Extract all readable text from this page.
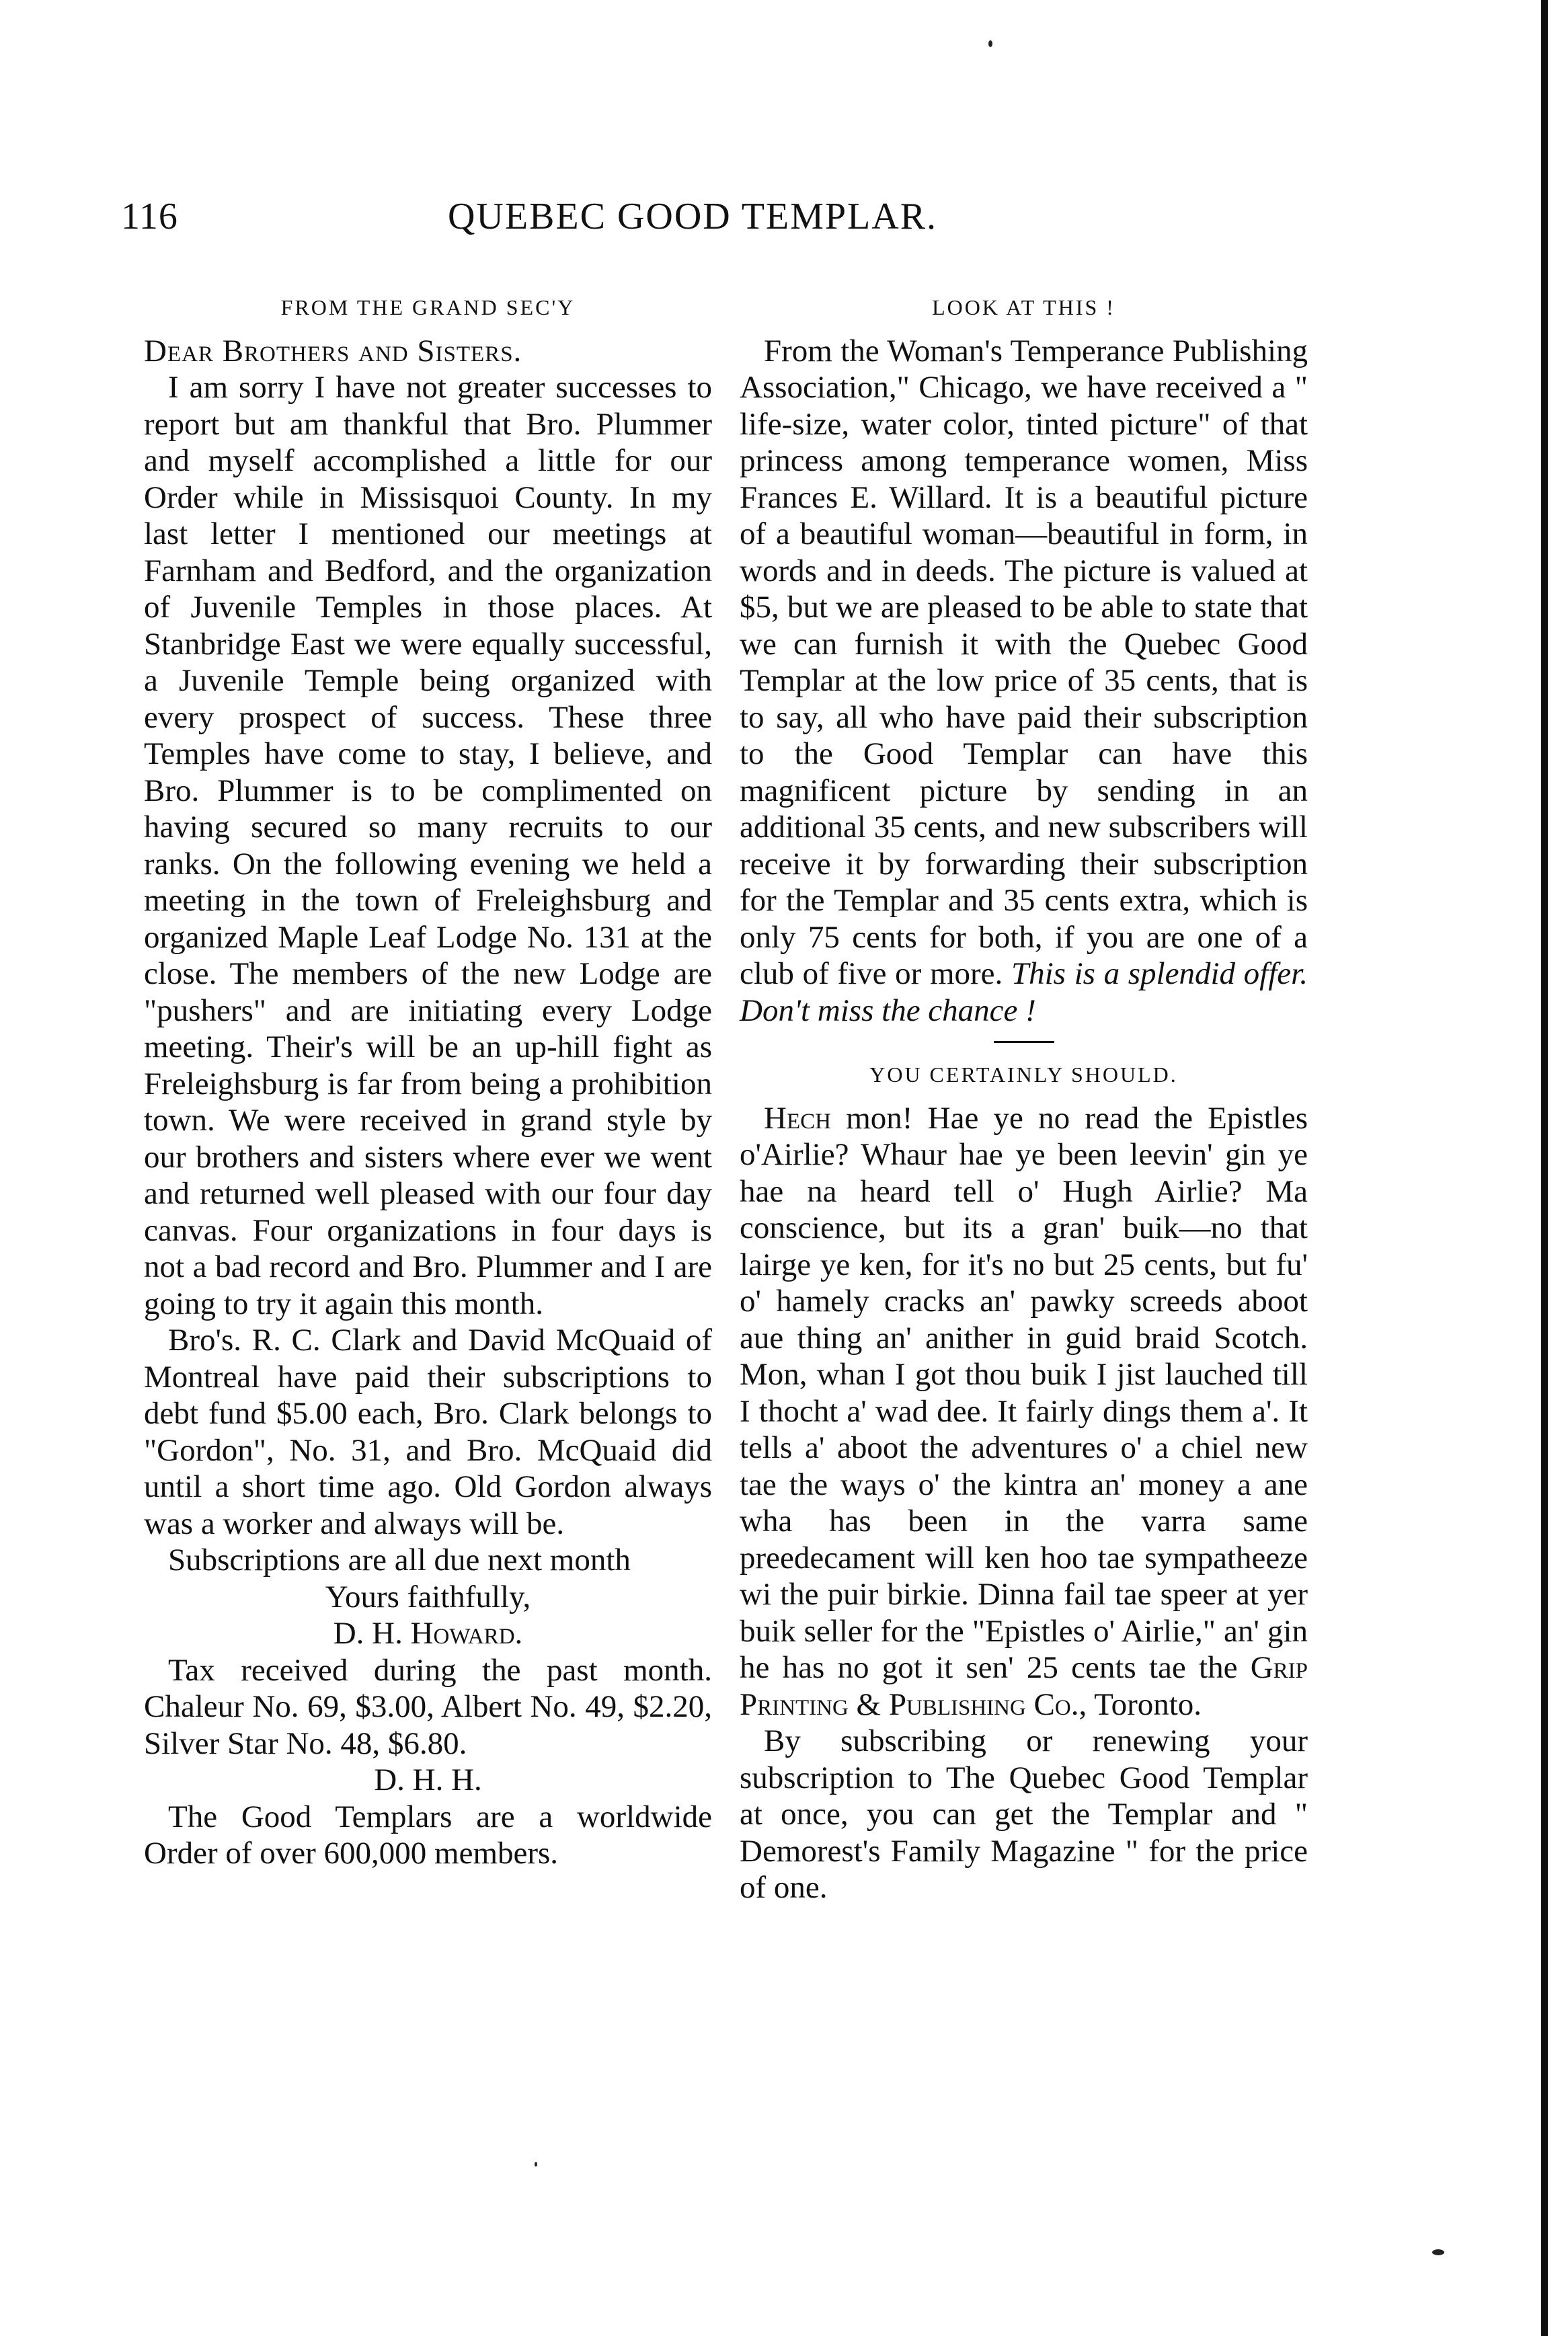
116	QUEBEC GOOD TEMPLAR.
FROM THE GRAND SEC'Y

Dear Brothers and Sisters.

I am sorry I have not greater successes to report but am thankful that Bro. Plummer and myself accomplished a little for our Order while in Missisquoi County. In my last letter I mentioned our meetings at Farnham and Bedford, and the organization of Juvenile Temples in those places. At Stanbridge East we were equally successful, a Juvenile Temple being organized with every prospect of success. These three Temples have come to stay, I believe, and Bro. Plummer is to be complimented on having secured so many recruits to our ranks. On the following evening we held a meeting in the town of Freleighsburg and organized Maple Leaf Lodge No. 131 at the close. The members of the new Lodge are "pushers" and are initiating every Lodge meeting. Their's will be an up-hill fight as Freleighsburg is far from being a prohibition town. We were received in grand style by our brothers and sisters where ever we went and returned well pleased with our four day canvas. Four organizations in four days is not a bad record and Bro. Plummer and I are going to try it again this month.

Bro's. R. C. Clark and David McQuaid of Montreal have paid their subscriptions to debt fund $5.00 each, Bro. Clark belongs to "Gordon", No. 31, and Bro. McQuaid did until a short time ago. Old Gordon always was a worker and always will be.

Subscriptions are all due next month

Yours faithfully,

D. H. Howard.

Tax received during the past month. Chaleur No. 69, $3.00, Albert No. 49, $2.20, Silver Star No. 48, $6.80.

D. H. H.

The Good Templars are a worldwide Order of over 600,000 members.

LOOK AT THIS !

From the Woman's Temperance Publishing Association," Chicago, we have received a " life-size, water color, tinted picture" of that princess among temperance women, Miss Frances E. Willard. It is a beautiful picture of a beautiful woman—beautiful in form, in words and in deeds. The picture is valued at $5, but we are pleased to be able to state that we can furnish it with the Quebec Good Templar at the low price of 35 cents, that is to say, all who have paid their subscription to the Good Templar can have this magnificent picture by sending in an additional 35 cents, and new subscribers will receive it by forwarding their subscription for the Templar and 35 cents extra, which is only 75 cents for both, if you are one of a club of five or more. This is a splendid offer. Don't miss the chance !

YOU CERTAINLY SHOULD.

Hech mon! Hae ye no read the Epistles o'Airlie? Whaur hae ye been leevin' gin ye hae na heard tell o' Hugh Airlie? Ma conscience, but its a gran' buik—no that lairge ye ken, for it's no but 25 cents, but fu' o' hamely cracks an' pawky screeds aboot aue thing an' anither in guid braid Scotch. Mon, whan I got thou buik I jist lauched till I thocht a' wad dee. It fairly dings them a'. It tells a' aboot the adventures o' a chiel new tae the ways o' the kintra an' money a ane wha has been in the varra same preedecament will ken hoo tae sympatheeze wi the puir birkie. Dinna fail tae speer at yer buik seller for the "Epistles o' Airlie," an' gin he has no got it sen' 25 cents tae the Grip Printing & Publishing Co., Toronto.

By subscribing or renewing your subscription to The Quebec Good Templar at once, you can get the Templar and " Demorest's Family Magazine " for the price of one.
